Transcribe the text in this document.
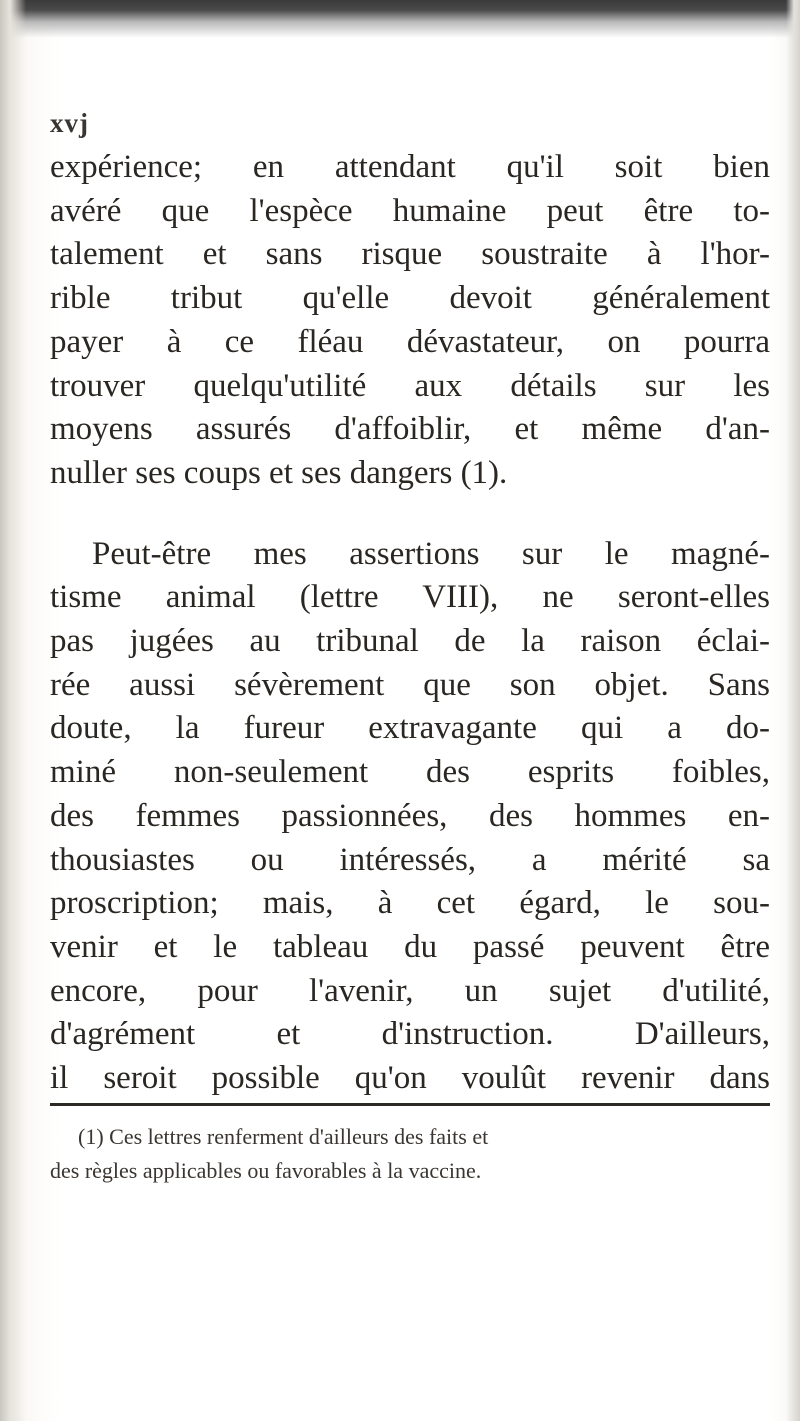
xvj
expérience; en attendant qu'il soit bien
avéré que l'espèce humaine peut être to-
talement et sans risque soustraite à l'hor-
rible tribut qu'elle devoit généralement
payer à ce fléau dévastateur, on pourra
trouver quelqu'utilité aux détails sur les
moyens assurés d'affoiblir, et même d'an-
nuller ses coups et ses dangers (1).
Peut-être mes assertions sur le magné-
tisme animal (lettre VIII), ne seront-elles
pas jugées au tribunal de la raison éclai-
rée aussi sévèrement que son objet. Sans
doute, la fureur extravagante qui a do-
miné non-seulement des esprits foibles,
des femmes passionnées, des hommes en-
thousiastes ou intéressés, a mérité sa
proscription; mais, à cet égard, le sou-
venir et le tableau du passé peuvent être
encore, pour l'avenir, un sujet d'utilité,
d'agrément et d'instruction. D'ailleurs,
il seroit possible qu'on voulût revenir dans
(1) Ces lettres renferment d'ailleurs des faits et
des règles applicables ou favorables à la vaccine.
